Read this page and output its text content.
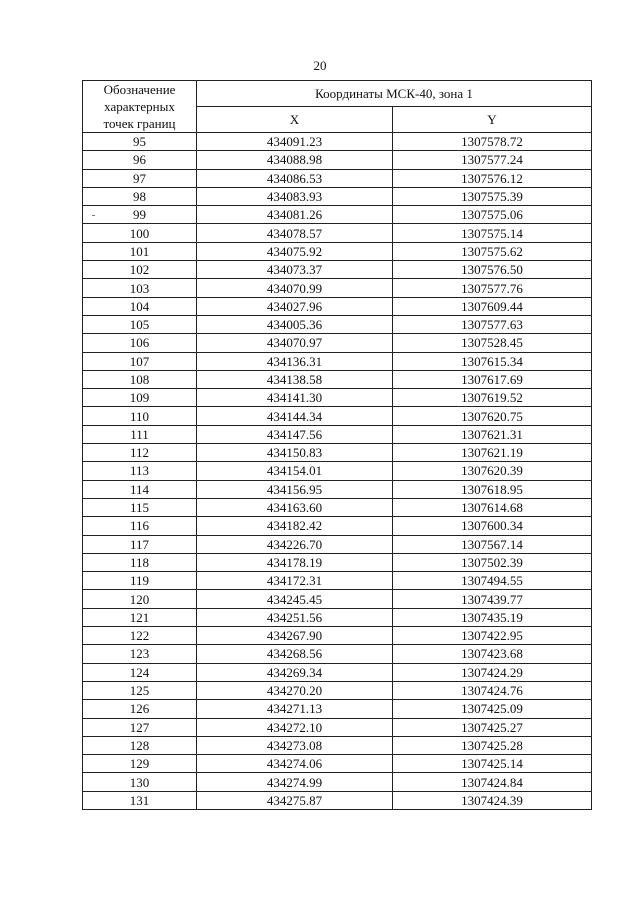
20
Обозначение
характерных
точек границ	Координаты МСК-40, зона 1	
	X	Y
95	434091.23	1307578.72
96	434088.98	1307577.24
97	434086.53	1307576.12
98	434083.93	1307575.39
99	434081.26	1307575.06
100	434078.57	1307575.14
101	434075.92	1307575.62
102	434073.37	1307576.50
103	434070.99	1307577.76
104	434027.96	1307609.44
105	434005.36	1307577.63
106	434070.97	1307528.45
107	434136.31	1307615.34
108	434138.58	1307617.69
109	434141.30	1307619.52
110	434144.34	1307620.75
111	434147.56	1307621.31
112	434150.83	1307621.19
113	434154.01	1307620.39
114	434156.95	1307618.95
115	434163.60	1307614.68
116	434182.42	1307600.34
117	434226.70	1307567.14
118	434178.19	1307502.39
119	434172.31	1307494.55
120	434245.45	1307439.77
121	434251.56	1307435.19
122	434267.90	1307422.95
123	434268.56	1307423.68
124	434269.34	1307424.29
125	434270.20	1307424.76
126	434271.13	1307425.09
127	434272.10	1307425.27
128	434273.08	1307425.28
129	434274.06	1307425.14
130	434274.99	1307424.84
131	434275.87	1307424.39
